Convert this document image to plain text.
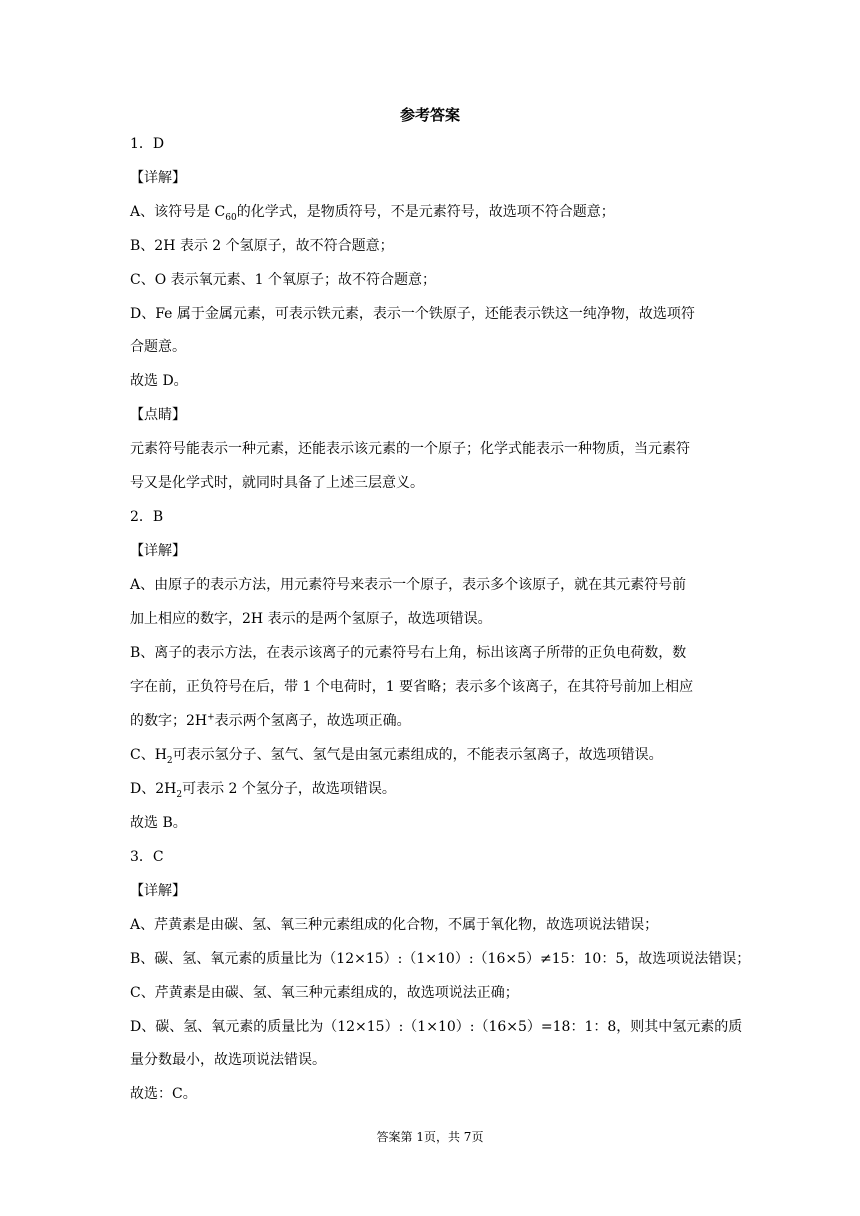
参考答案
1．D
【详解】
A、该符号是 $C_{60}$的化学式，是物质符号，不是元素符号，故选项不符合题意；
B、2H 表示 2 个氢原子，故不符合题意；
C、O 表示氧元素、1 个氧原子；故不符合题意；
D、Fe 属于金属元素，可表示铁元素，表示一个铁原子，还能表示铁这一纯净物，故选项符
合题意。
故选 D。
【点睛】
元素符号能表示一种元素，还能表示该元素的一个原子；化学式能表示一种物质，当元素符
号又是化学式时，就同时具备了上述三层意义。
2．B
【详解】
A、由原子的表示方法，用元素符号来表示一个原子，表示多个该原子，就在其元素符号前
加上相应的数字，2H 表示的是两个氢原子，故选项错误。
B、离子的表示方法，在表示该离子的元素符号右上角，标出该离子所带的正负电荷数，数
字在前，正负符号在后，带 1 个电荷时，1 要省略；表示多个该离子，在其符号前加上相应
的数字；2H+表示两个氢离子，故选项正确。
C、$H_2$可表示氢分子、氢气、氢气是由氢元素组成的，不能表示氢离子，故选项错误。
D、$2H_2$可表示 2 个氢分子，故选项错误。
故选 B。
3．C
【详解】
A、芹黄素是由碳、氢、氧三种元素组成的化合物，不属于氧化物，故选项说法错误；
B、碳、氢、氧元素的质量比为（12×15）:（1×10）:（16×5）≠15：10：5，故选项说法错误；
C、芹黄素是由碳、氢、氧三种元素组成的，故选项说法正确；
D、碳、氢、氧元素的质量比为（12×15）:（1×10）:（16×5）=18：1：8，则其中氢元素的质
量分数最小，故选项说法错误。
故选：C。
答案第 1页，共 7页
